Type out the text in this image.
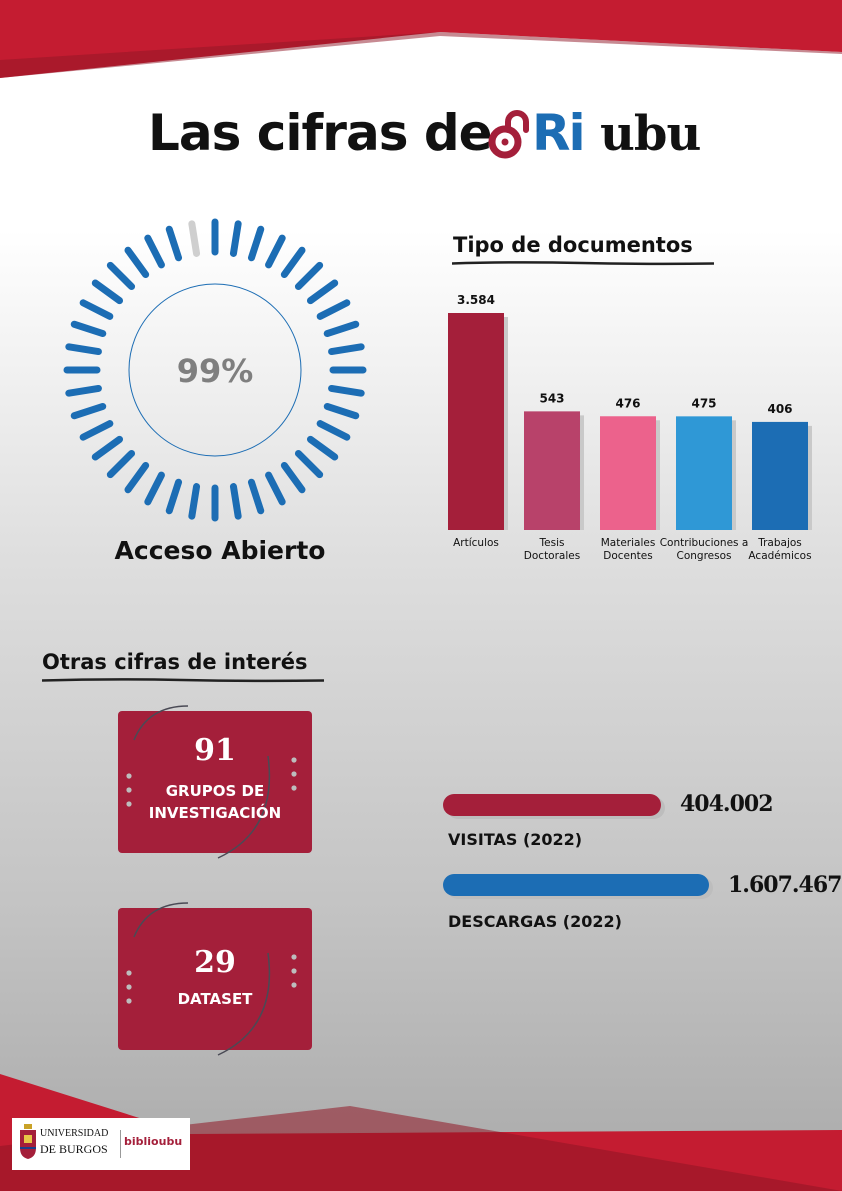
Las cifras de Ri ubu
99%
Acceso Abierto
Tipo de documentos
3.584
Artículos
543
Tesis
Doctorales
476
Materiales
Docentes
475
Contribuciones a
Congresos
406
Trabajos
Académicos
Otras cifras de interés
91
GRUPOS DE
INVESTIGACIÓN
29
DATASET
404.002
VISITAS (2022)
1.607.467
DESCARGAS (2022)
UNIVERSIDAD
DE BURGOS
biblioubu
